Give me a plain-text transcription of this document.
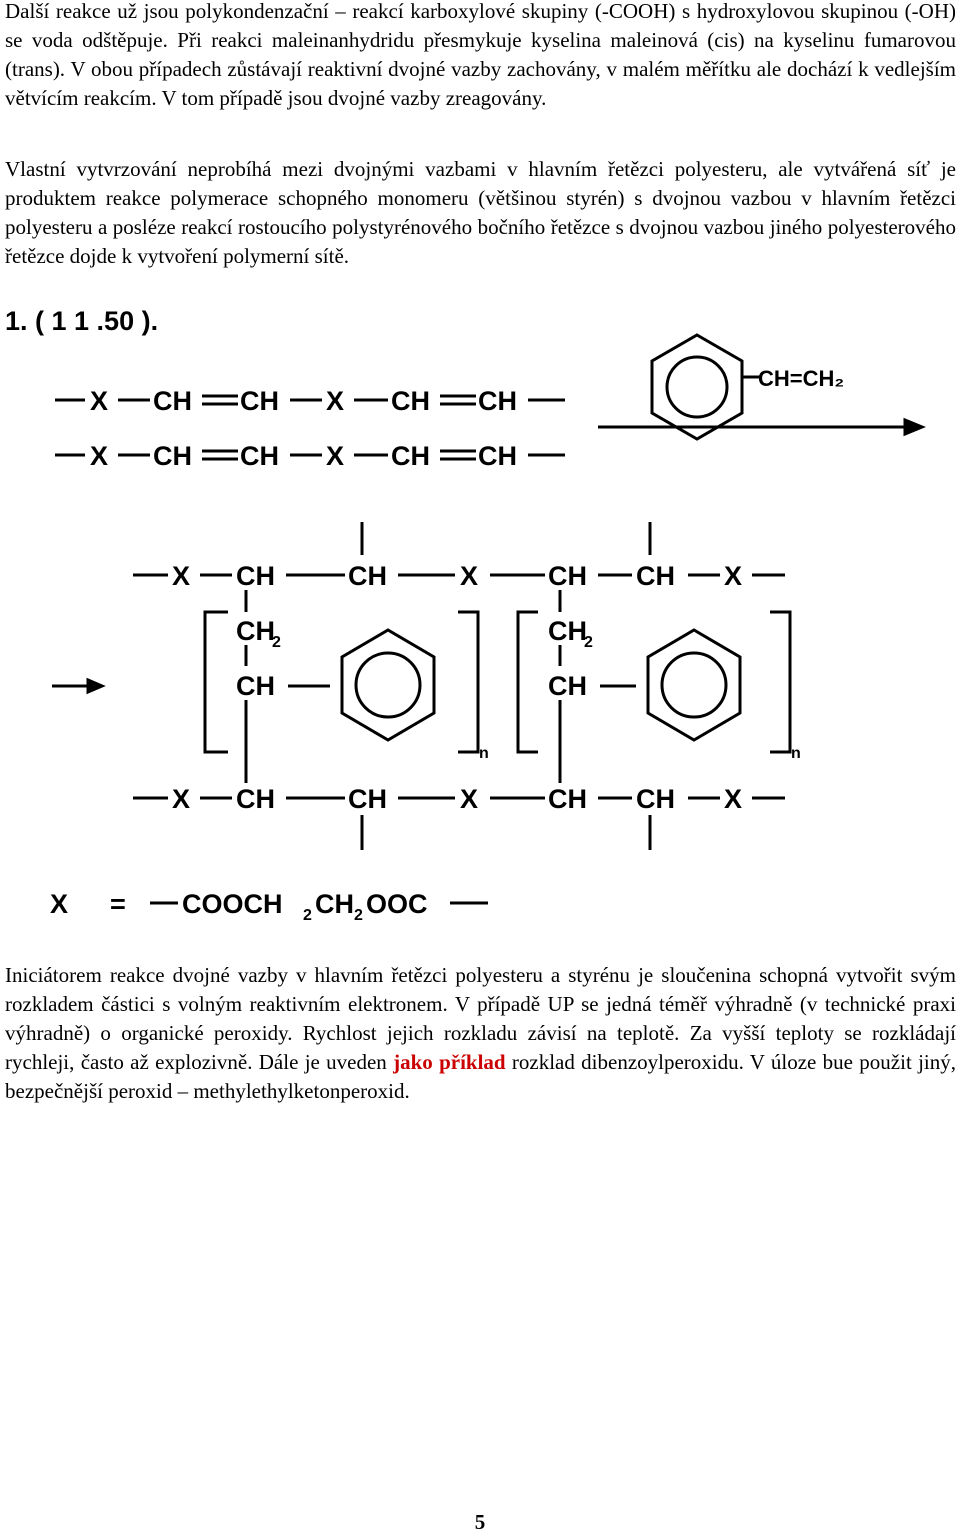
Další reakce už jsou polykondenzační – reakcí karboxylové skupiny (-COOH) s hydroxylovou skupinou (-OH) se voda odštěpuje. Při reakci maleinanhydridu přesmykuje kyselina maleinová (cis) na kyselinu fumarovou (trans). V obou případech zůstávají reaktivní dvojné vazby zachovány, v malém měřítku ale dochází k vedlejším větvícím reakcím. V tom případě jsou dvojné vazby zreagovány.

Vlastní vytvrzování neprobíhá mezi dvojnými vazbami v hlavním řetězci polyesteru, ale vytvářená síť je produktem reakce polymerace schopného monomeru (většinou styrén) s dvojnou vazbou v hlavním řetězci polyesteru a posléze reakcí rostoucího polystyrénového bočního řetězce s dvojnou vazbou jiného polyesterového řetězce dojde k vytvoření polymerní sítě.

1. ( 1 1 .50 ).
X CH CH X CH CH
X CH CH X CH CH
CH=CH₂
X CH	CH	X	CH CH X
CH
2
CH
n
CH
2
CH
n
X CH	CH	X	CH CH X
X = COOCH 2 CH 2 OOC

Iniciátorem reakce dvojné vazby v hlavním řetězci polyesteru a styrénu je sloučenina schopná vytvořit svým rozkladem částici s volným reaktivním elektronem. V případě UP se jedná téměř výhradně (v technické praxi výhradně) o organické peroxidy. Rychlost jejich rozkladu závisí na teplotě. Za vyšší teploty se rozkládají rychleji, často až explozivně. Dále je uveden jako příklad rozklad dibenzoylperoxidu. V úloze bue použit jiný, bezpečnější peroxid – methylethylketonperoxid.

5
